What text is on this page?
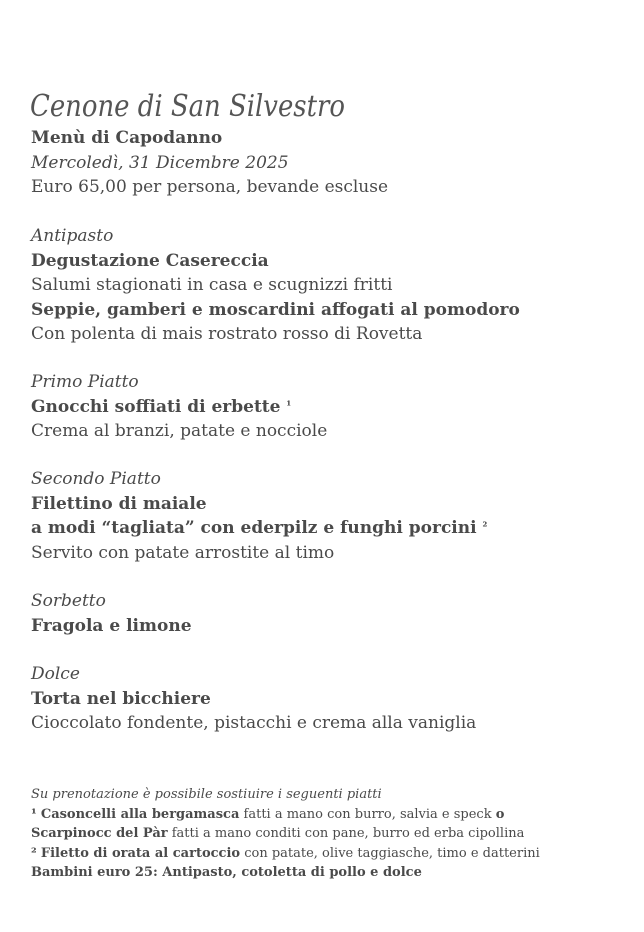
Cenone di San Silvestro
Menù di Capodanno
Mercoledì, 31 Dicembre 2025
Euro 65,00 per persona, bevande escluse
Antipasto
Degustazione Casereccia
Salumi stagionati in casa e scugnizzi fritti
Seppie, gamberi e moscardini affogati al pomodoro
Con polenta di mais rostrato rosso di Rovetta
Primo Piatto
Gnocchi soffiati di erbette $^{^1}$
Crema al branzi, patate e nocciole
Secondo Piatto
Filettino di maiale
a modi “tagliata” con ederpilz e funghi porcini $^{^2}$
Servito con patate arrostite al timo
Sorbetto
Fragola e limone
Dolce
Torta nel bicchiere
Cioccolato fondente, pistacchi e crema alla vaniglia
Su prenotazione è possibile sostiuire i seguenti piatti
¹ Casoncelli alla bergamasca fatti a mano con burro, salvia e speck o
Scarpinocc del Pàr fatti a mano conditi con pane, burro ed erba cipollina
² Filetto di orata al cartoccio con patate, olive taggiasche, timo e datterini
Bambini euro 25: Antipasto, cotoletta di pollo e dolce
